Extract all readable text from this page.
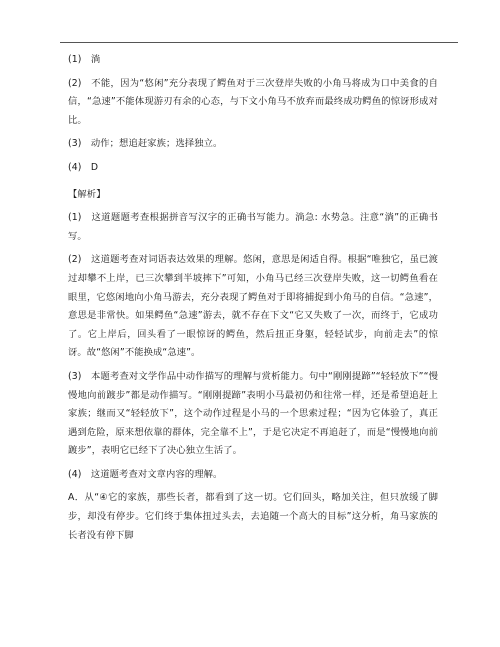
(1)　淌

(2)　不能，因为“悠闲”充分表现了鳄鱼对于三次登岸失败的小角马将成为口中美食的自信，“急速”不能体现游刃有余的心态，与下文小角马不放弃而最终成功鳄鱼的惊讶形成对比。

(3)　动作；想追赶家族；选择独立。

(4)　D

【解析】

(1)　这道题题考查根据拼音写汉字的正确书写能力。淌急: 水势急。注意“淌”的正确书写。

(2)　这道题考查对词语表达效果的理解。悠闲，意思是闲适自得。根据“唯独它，虽已渡过却攀不上岸，已三次攀到半坡摔下”可知，小角马已经三次登岸失败，这一切鳄鱼看在眼里，它悠闲地向小角马游去，充分表现了鳄鱼对于即将捕捉到小角马的自信。“急速”，意思是非常快。如果鳄鱼“急速”游去，就不存在下文“它又失败了一次，而终于，它成功了。它上岸后，回头看了一眼惊讶的鳄鱼，然后扭正身躯，轻轻试步，向前走去”的惊讶。故“悠闲”不能换成“急速”。

(3)　本题考查对文学作品中动作描写的理解与赏析能力。句中“刚刚提蹄”“轻轻放下”“慢慢地向前踱步”都是动作描写。“刚刚提蹄”表明小马最初仍和往常一样，还是希望追赶上家族；继而又“轻轻放下”，这个动作过程是小马的一个思索过程；“因为它体验了，真正遇到危险，原来想依靠的群体，完全靠不上”，于是它决定不再追赶了，而是“慢慢地向前踱步”，表明它已经下了决心独立生活了。

(4)　这道题考查对文章内容的理解。

A．从“④它的家族，那些长者，都看到了这一切。它们回头，略加关注，但只放缓了脚步，却没有停步。它们终于集体扭过头去，去追随一个高大的目标”这分析，角马家族的长者没有停下脚
